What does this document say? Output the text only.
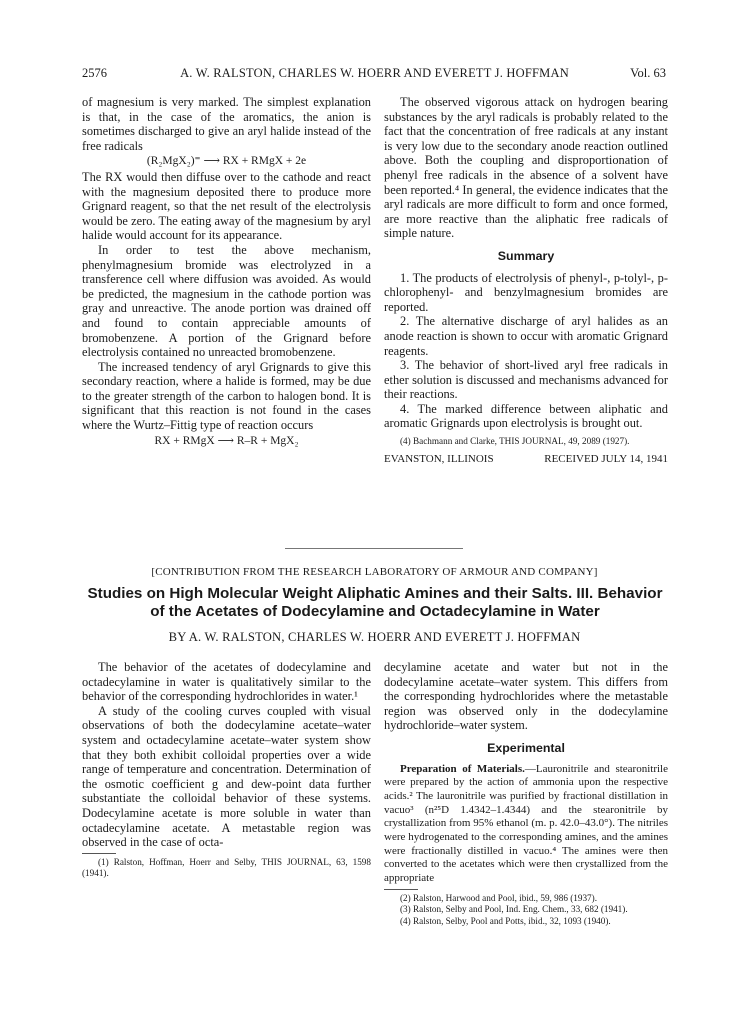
2576	A. W. RALSTON, CHARLES W. HOERR AND EVERETT J. HOFFMAN	Vol. 63

of magnesium is very marked. The simplest explanation is that, in the case of the aromatics, the anion is sometimes discharged to give an aryl halide instead of the free radicals

(R₂MgX₂)⁼ ⟶ RX + RMgX + 2e

The RX would then diffuse over to the cathode and react with the magnesium deposited there to produce more Grignard reagent, so that the net result of the electrolysis would be zero. The eating away of the magnesium by aryl halide would account for its appearance.

In order to test the above mechanism, phenylmagnesium bromide was electrolyzed in a transference cell where diffusion was avoided. As would be predicted, the magnesium in the cathode portion was gray and unreactive. The anode portion was drained off and found to contain appreciable amounts of bromobenzene. A portion of the Grignard before electrolysis contained no unreacted bromobenzene.

The increased tendency of aryl Grignards to give this secondary reaction, where a halide is formed, may be due to the greater strength of the carbon to halogen bond. It is significant that this reaction is not found in the cases where the Wurtz–Fittig type of reaction occurs

RX + RMgX ⟶ R–R + MgX₂

The observed vigorous attack on hydrogen bearing substances by the aryl radicals is probably related to the fact that the concentration of free radicals at any instant is very low due to the secondary anode reaction outlined above. Both the coupling and disproportionation of phenyl free radicals in the absence of a solvent have been reported.⁴ In general, the evidence indicates that the aryl radicals are more difficult to form and once formed, are more reactive than the aliphatic free radicals of simple nature.

Summary

1. The products of electrolysis of phenyl-, p-tolyl-, p-chlorophenyl- and benzylmagnesium bromides are reported.

2. The alternative discharge of aryl halides as an anode reaction is shown to occur with aromatic Grignard reagents.

3. The behavior of short-lived aryl free radicals in ether solution is discussed and mechanisms advanced for their reactions.

4. The marked difference between aliphatic and aromatic Grignards upon electrolysis is brought out.

(4) Bachmann and Clarke, THIS JOURNAL, 49, 2089 (1927).

EVANSTON, ILLINOIS	RECEIVED JULY 14, 1941
[CONTRIBUTION FROM THE RESEARCH LABORATORY OF ARMOUR AND COMPANY]
Studies on High Molecular Weight Aliphatic Amines and their Salts. III. Behavior
of the Acetates of Dodecylamine and Octadecylamine in Water
BY A. W. RALSTON, CHARLES W. HOERR AND EVERETT J. HOFFMAN

The behavior of the acetates of dodecylamine and octadecylamine in water is qualitatively similar to the behavior of the corresponding hydrochlorides in water.¹

A study of the cooling curves coupled with visual observations of both the dodecylamine acetate–water system and octadecylamine acetate–water system show that they both exhibit colloidal properties over a wide range of temperature and concentration. Determination of the osmotic coefficient g and dew-point data further substantiate the colloidal behavior of these systems. Dodecylamine acetate is more soluble in water than octadecylamine acetate. A metastable region was observed in the case of octa-

(1) Ralston, Hoffman, Hoerr and Selby, THIS JOURNAL, 63, 1598 (1941).

decylamine acetate and water but not in the dodecylamine acetate–water system. This differs from the corresponding hydrochlorides where the metastable region was observed only in the dodecylamine hydrochloride–water system.

Experimental

Preparation of Materials.—Lauronitrile and stearonitrile were prepared by the action of ammonia upon the respective acids.² The lauronitrile was purified by fractional distillation in vacuo³ (n²⁵D 1.4342–1.4344) and the stearonitrile by crystallization from 95% ethanol (m. p. 42.0–43.0°). The nitriles were hydrogenated to the corresponding amines, and the amines were fractionally distilled in vacuo.⁴ The amines were then converted to the acetates which were then crystallized from the appropriate

(2) Ralston, Harwood and Pool, ibid., 59, 986 (1937).

(3) Ralston, Selby and Pool, Ind. Eng. Chem., 33, 682 (1941).

(4) Ralston, Selby, Pool and Potts, ibid., 32, 1093 (1940).
